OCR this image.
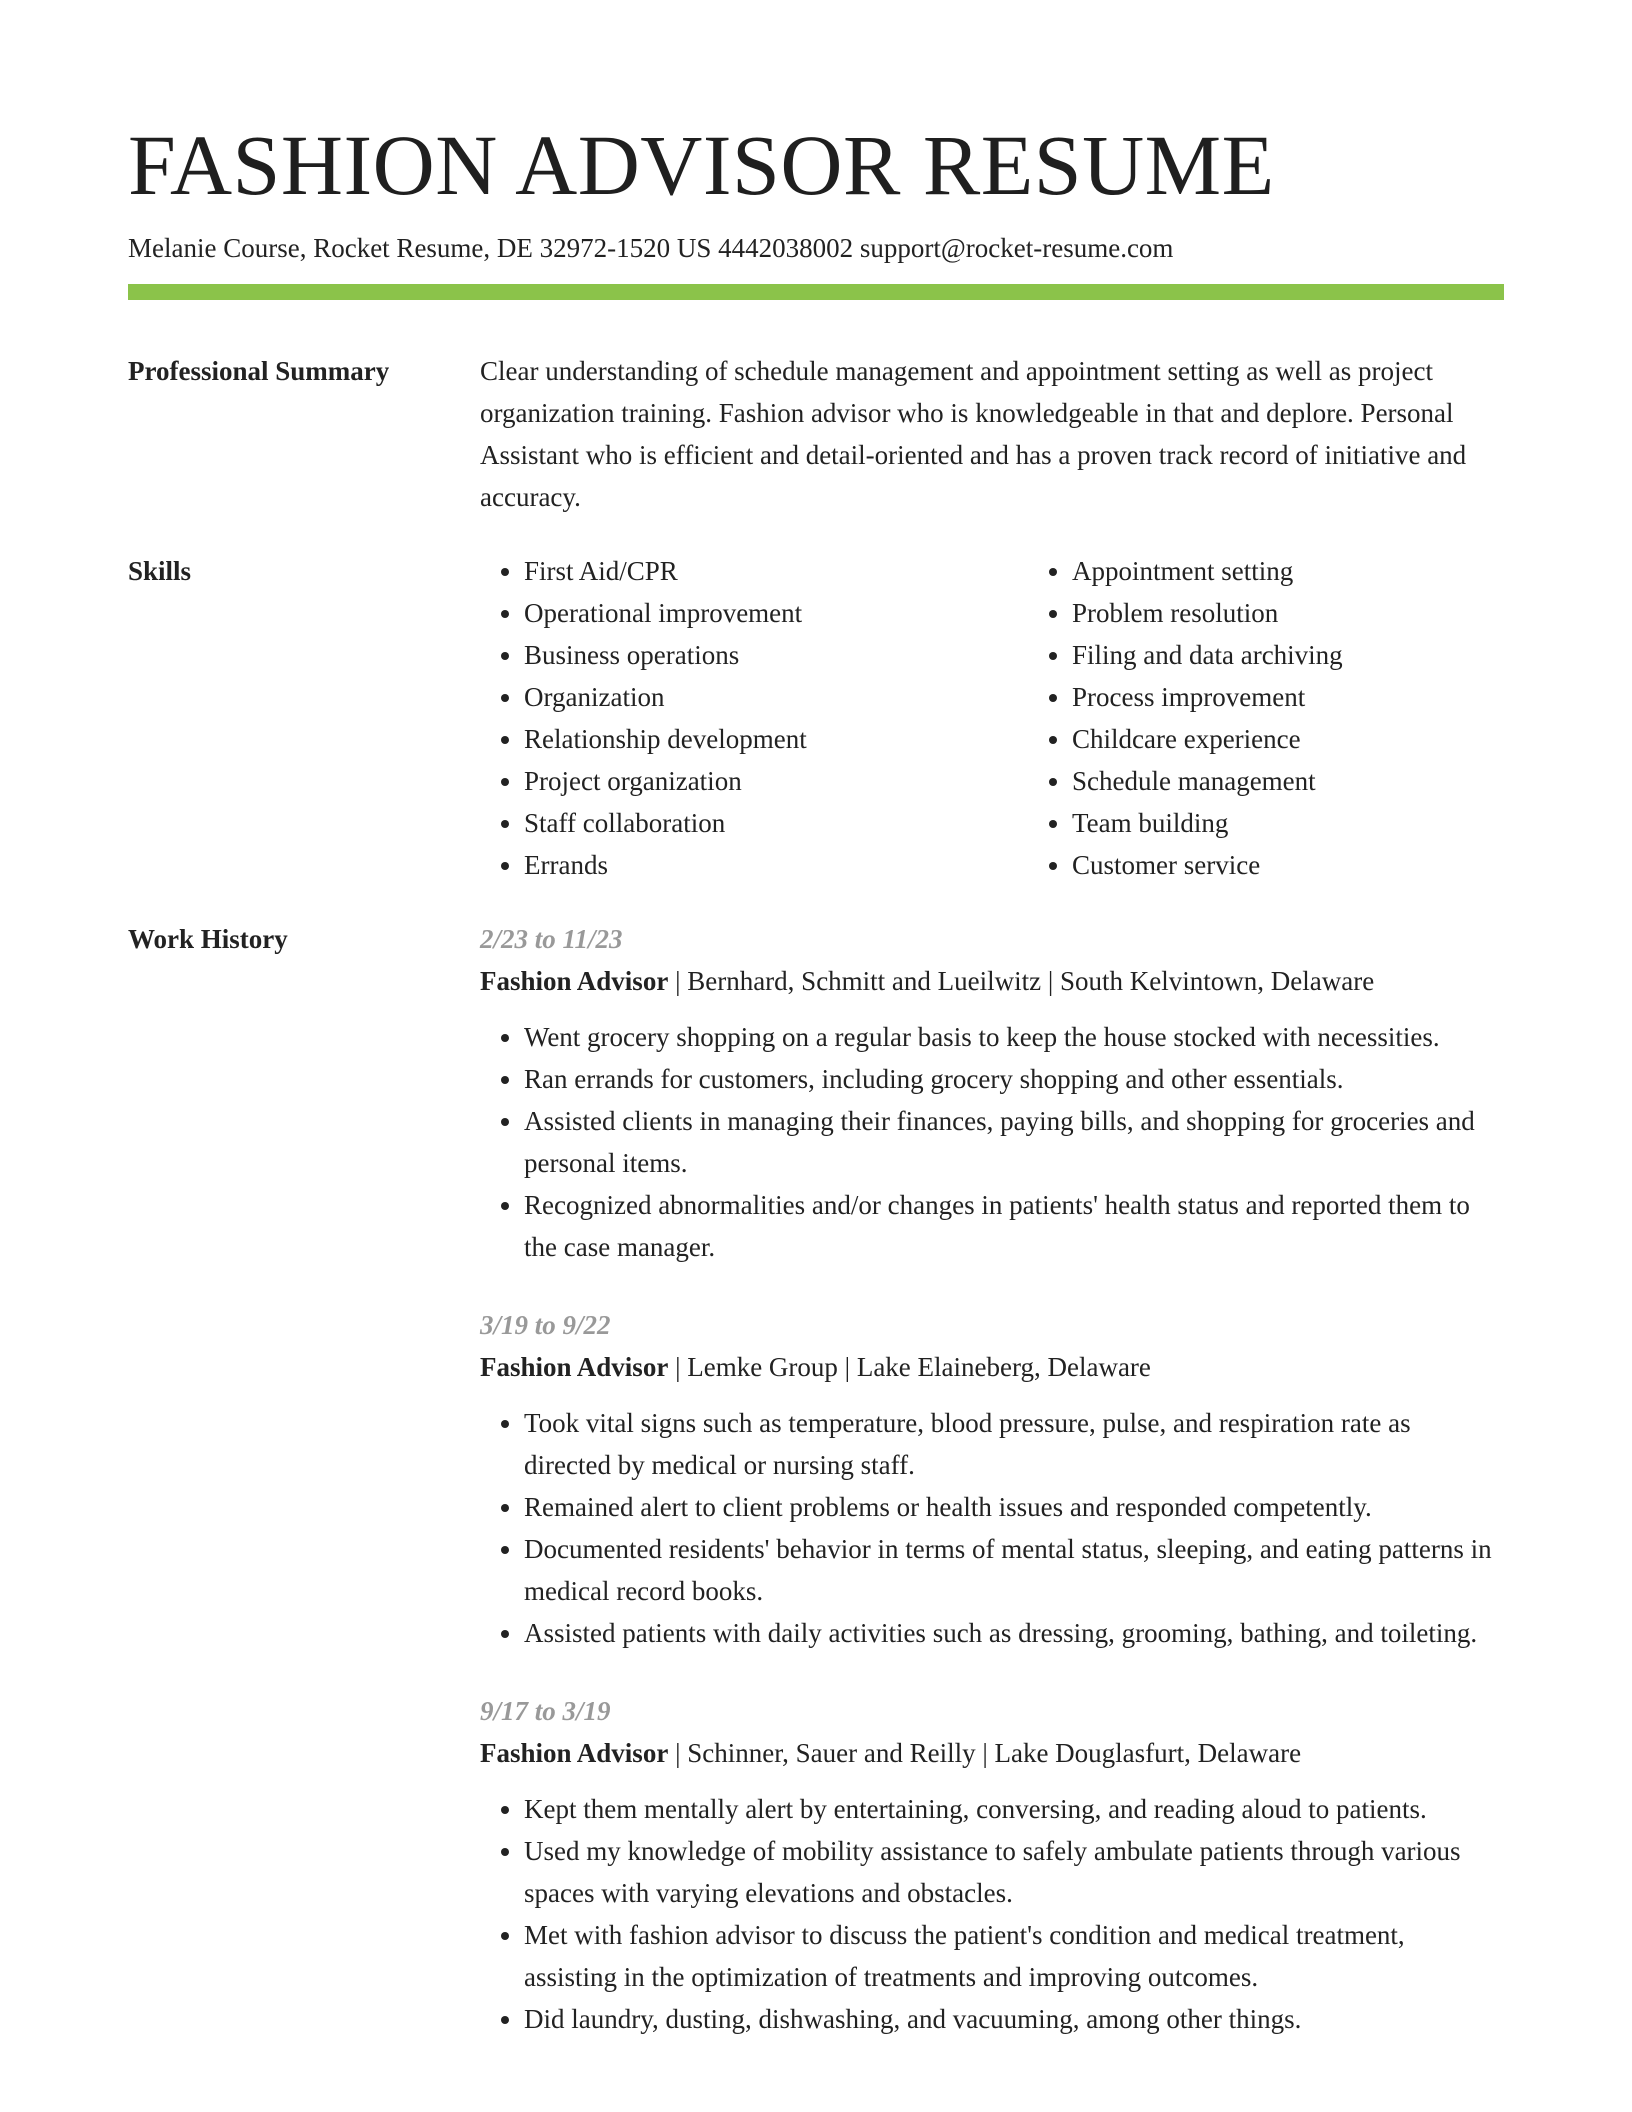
FASHION ADVISOR RESUME
Melanie Course, Rocket Resume, DE 32972-1520 US 4442038002 support@rocket-resume.com
Professional Summary	Clear understanding of schedule management and appointment setting as well as project organization training. Fashion advisor who is knowledgeable in that and deplore. Personal Assistant who is efficient and detail-oriented and has a proven track record of initiative and accuracy.
Skills
•	First Aid/CPR
• Operational improvement
• Business operations
• Organization
• Relationship development
• Project organization
• Staff collaboration
• Errands
• Appointment setting
• Problem resolution
• Filing and data archiving
• Process improvement
• Childcare experience
• Schedule management
• Team building
• Customer service
Work History	2/23 to 11/23
Fashion Advisor | Bernhard, Schmitt and Lueilwitz | South Kelvintown, Delaware
• Went grocery shopping on a regular basis to keep the house stocked with necessities.
• Ran errands for customers, including grocery shopping and other essentials.
• Assisted clients in managing their finances, paying bills, and shopping for groceries and personal items.
• Recognized abnormalities and/or changes in patients' health status and reported them to the case manager.
3/19 to 9/22
Fashion Advisor | Lemke Group | Lake Elaineberg, Delaware
• Took vital signs such as temperature, blood pressure, pulse, and respiration rate as directed by medical or nursing staff.
• Remained alert to client problems or health issues and responded competently.
• Documented residents' behavior in terms of mental status, sleeping, and eating patterns in medical record books.
• Assisted patients with daily activities such as dressing, grooming, bathing, and toileting.
9/17 to 3/19
Fashion Advisor | Schinner, Sauer and Reilly | Lake Douglasfurt, Delaware
• Kept them mentally alert by entertaining, conversing, and reading aloud to patients.
• Used my knowledge of mobility assistance to safely ambulate patients through various spaces with varying elevations and obstacles.
• Met with fashion advisor to discuss the patient's condition and medical treatment, assisting in the optimization of treatments and improving outcomes.
• Did laundry, dusting, dishwashing, and vacuuming, among other things.
